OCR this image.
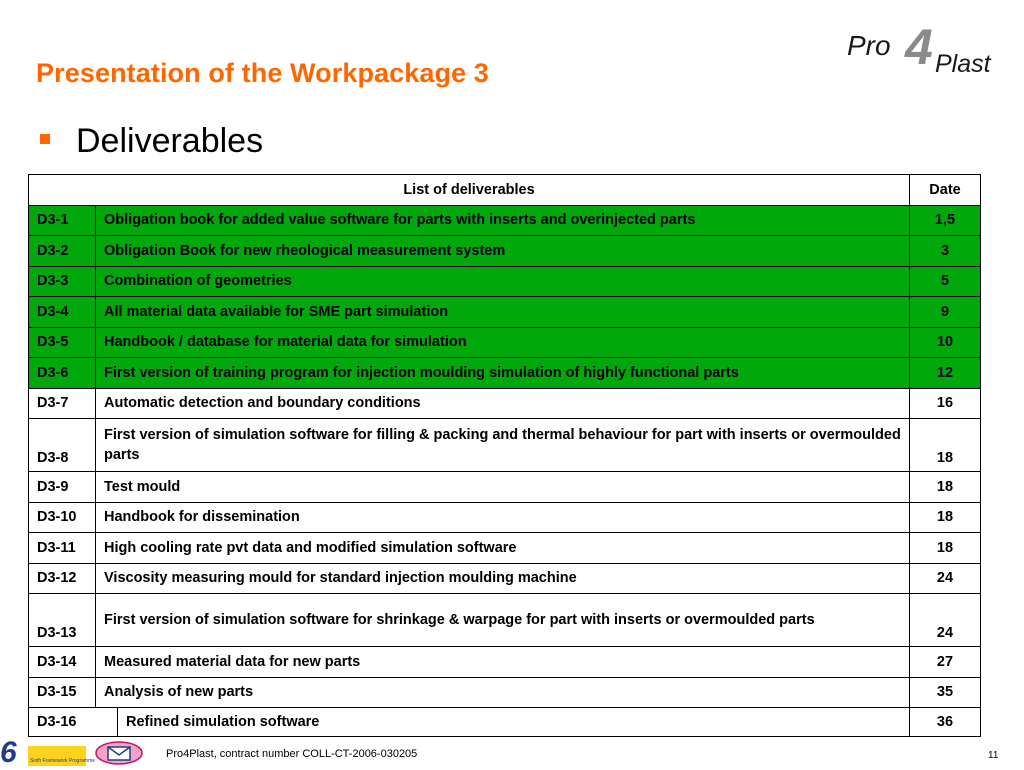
Presentation of the Workpackage 3
Pro 4 Plast
Deliverables
List of deliverables			Date
D3-1	Obligation book for added value software for parts with inserts and overinjected parts		1,5
D3-2	Obligation Book for new rheological measurement system		3
D3-3	Combination of geometries		5
D3-4	All material data available for SME part simulation		9
D3-5	Handbook / database for material data for simulation		10
D3-6	First version of training program for injection moulding simulation of highly functional parts		12
D3-7	Automatic detection and boundary conditions		16
D3-8	First version of simulation software for filling & packing and thermal behaviour for part with inserts or overmoulded parts		18
D3-9	Test mould		18
D3-10	Handbook for dissemination		18
D3-11	High cooling rate pvt data and modified simulation software		18
D3-12	Viscosity measuring mould for standard injection moulding machine		24
D3-13	First version of simulation software for shrinkage & warpage for part with inserts or overmoulded parts		24
D3-14	Measured material data for new parts		27
D3-15	Analysis of new parts		35
D3-16		Refined simulation software	36
6	Sixth Framework Programme
Pro4Plast, contract number COLL-CT-2006-030205	11
